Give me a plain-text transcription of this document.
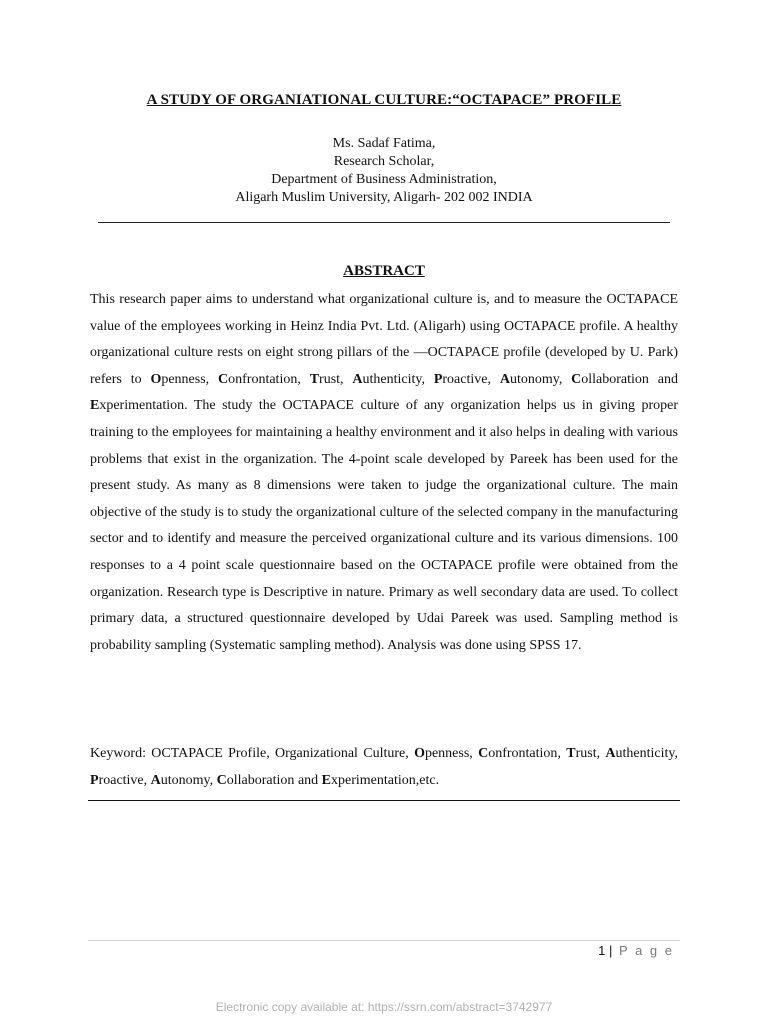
A STUDY OF ORGANIATIONAL CULTURE:“OCTAPACE” PROFILE
Ms. Sadaf Fatima,
Research Scholar,
Department of Business Administration,
Aligarh Muslim University, Aligarh- 202 002 INDIA
ABSTRACT

This research paper aims to understand what organizational culture is, and to measure the OCTAPACE value of the employees working in Heinz India Pvt. Ltd. (Aligarh) using OCTAPACE profile. A healthy organizational culture rests on eight strong pillars of the —OCTAPACE profile (developed by U. Park) refers to Openness, Confrontation, Trust, Authenticity, Proactive, Autonomy, Collaboration and Experimentation. The study the OCTAPACE culture of any organization helps us in giving proper training to the employees for maintaining a healthy environment and it also helps in dealing with various problems that exist in the organization. The 4-point scale developed by Pareek has been used for the present study. As many as 8 dimensions were taken to judge the organizational culture. The main objective of the study is to study the organizational culture of the selected company in the manufacturing sector and to identify and measure the perceived organizational culture and its various dimensions. 100 responses to a 4 point scale questionnaire based on the OCTAPACE profile were obtained from the organization. Research type is Descriptive in nature. Primary as well secondary data are used. To collect primary data, a structured questionnaire developed by Udai Pareek was used. Sampling method is probability sampling (Systematic sampling method). Analysis was done using SPSS 17.

Keyword: OCTAPACE Profile, Organizational Culture, Openness, Confrontation, Trust, Authenticity, Proactive, Autonomy, Collaboration and Experimentation,etc.

1 | P a g e
Electronic copy available at: https://ssrn.com/abstract=3742977
